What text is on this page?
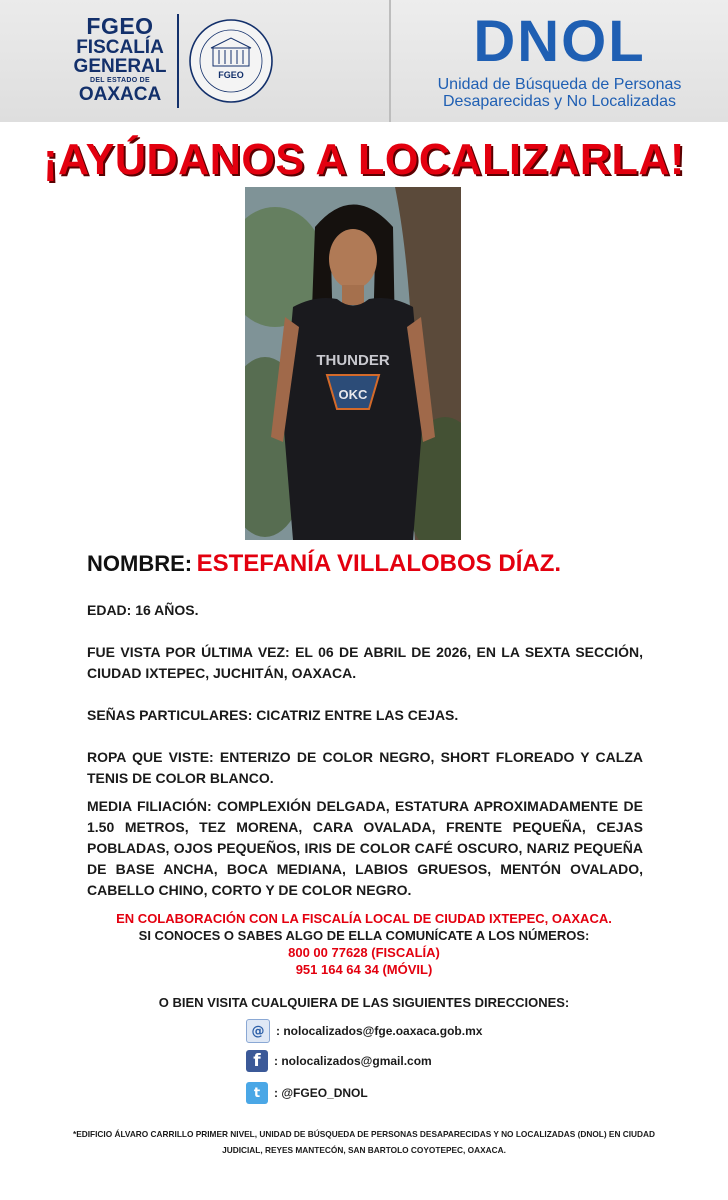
FGEO
FISCALÍA
GENERAL
DEL ESTADO DE
OAXACA
FGEO
DNOL
Unidad de Búsqueda de Personas
Desaparecidas y No Localizadas
¡AYÚDANOS A LOCALIZARLA!
THUNDER
OKC
NOMBRE: ESTEFANÍA VILLALOBOS DÍAZ.
EDAD: 16 AÑOS.
FUE VISTA POR ÚLTIMA VEZ: EL 06 DE ABRIL DE 2026, EN LA SEXTA SECCIÓN, CIUDAD IXTEPEC, JUCHITÁN, OAXACA.
SEÑAS PARTICULARES: CICATRIZ ENTRE LAS CEJAS.
ROPA QUE VISTE: ENTERIZO DE COLOR NEGRO, SHORT FLOREADO Y CALZA TENIS DE COLOR BLANCO.
MEDIA FILIACIÓN: COMPLEXIÓN DELGADA, ESTATURA APROXIMADAMENTE DE 1.50 METROS, TEZ MORENA, CARA OVALADA, FRENTE PEQUEÑA, CEJAS POBLADAS, OJOS PEQUEÑOS, IRIS DE COLOR CAFÉ OSCURO, NARIZ PEQUEÑA DE BASE ANCHA, BOCA MEDIANA, LABIOS GRUESOS, MENTÓN OVALADO, CABELLO CHINO, CORTO Y DE COLOR NEGRO.
EN COLABORACIÓN CON LA FISCALÍA LOCAL DE CIUDAD IXTEPEC, OAXACA.
SI CONOCES O SABES ALGO DE ELLA COMUNÍCATE A LOS NÚMEROS:
800 00 77628 (FISCALÍA)
951 164 64 34 (MÓVIL)
O BIEN VISITA CUALQUIERA DE LAS SIGUIENTES DIRECCIONES:
@ : nolocalizados@fge.oaxaca.gob.mx
f	: nolocalizados@gmail.com
t	: @FGEO_DNOL
*EDIFICIO ÁLVARO CARRILLO PRIMER NIVEL, UNIDAD DE BÚSQUEDA DE PERSONAS DESAPARECIDAS Y NO LOCALIZADAS (DNOL) EN CIUDAD JUDICIAL, REYES MANTECÓN, SAN BARTOLO COYOTEPEC, OAXACA.
